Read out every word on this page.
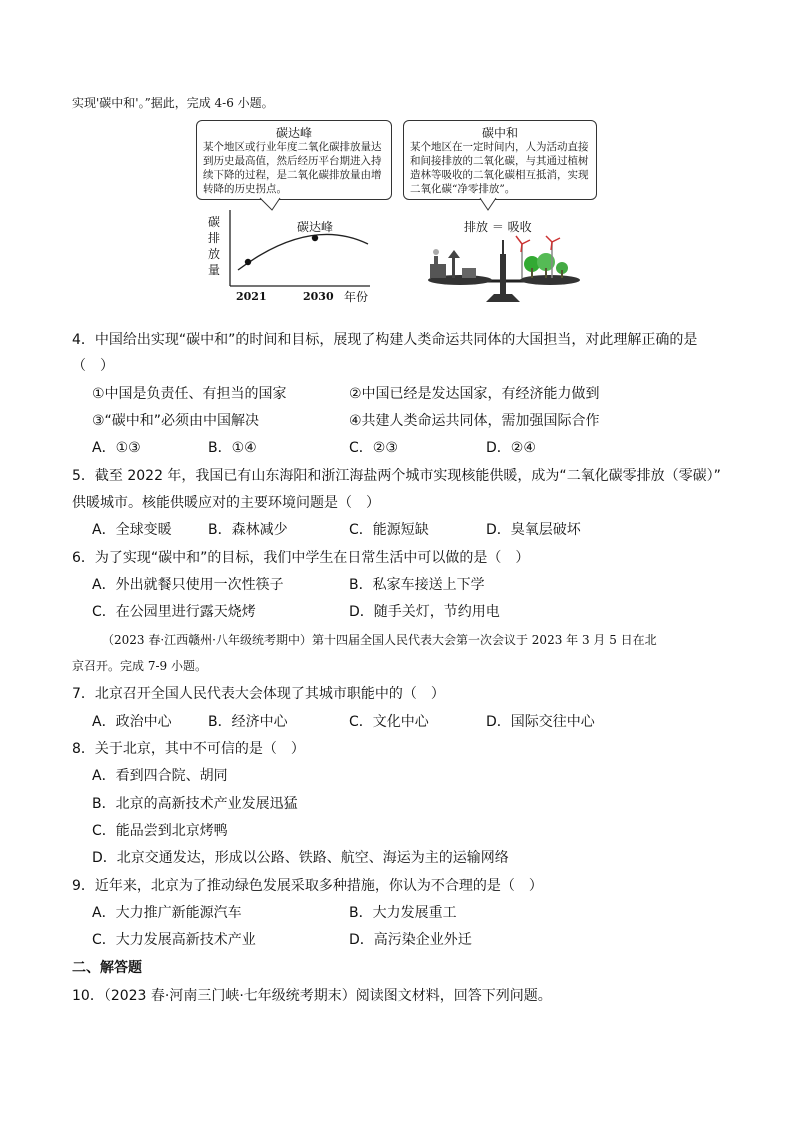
实现'碳中和'。”据此，完成 4-6 小题。
碳达峰
某个地区或行业年度二氧化碳排放量达到历史最高值，然后经历平台期进入持续下降的过程，是二氧化碳排放量由增转降的历史拐点。
碳中和
某个地区在一定时间内，人为活动直接和间接排放的二氧化碳，与其通过植树造林等吸收的二氧化碳相互抵消，实现二氧化碳“净零排放”。
碳
排
放
量
碳达峰
2021	2030 年份
排放 ＝ 吸收
4．中国给出实现“碳中和”的时间和目标，展现了构建人类命运共同体的大国担当，对此理解正确的是
（　）
①中国是负责任、有担当的国家	②中国已经是发达国家，有经济能力做到
③“碳中和”必须由中国解决	④共建人类命运共同体，需加强国际合作
A．①③	B．①④	C．②③	D．②④
5．截至 2022 年，我国已有山东海阳和浙江海盐两个城市实现核能供暖，成为“二氧化碳零排放（零碳）”
供暖城市。核能供暖应对的主要环境问题是（　）
A．全球变暖	B．森林减少	C．能源短缺	D．臭氧层破坏
6．为了实现“碳中和”的目标，我们中学生在日常生活中可以做的是（　）
A．外出就餐只使用一次性筷子	B．私家车接送上下学
C．在公园里进行露天烧烤	D．随手关灯，节约用电
（2023 春·江西赣州·八年级统考期中）第十四届全国人民代表大会第一次会议于 2023 年 3 月 5 日在北
京召开。完成 7-9 小题。
7．北京召开全国人民代表大会体现了其城市职能中的（　）
A．政治中心	B．经济中心	C．文化中心	D．国际交往中心
8．关于北京，其中不可信的是（　）
A．看到四合院、胡同
B．北京的高新技术产业发展迅猛
C．能品尝到北京烤鸭
D．北京交通发达，形成以公路、铁路、航空、海运为主的运输网络
9．近年来，北京为了推动绿色发展采取多种措施，你认为不合理的是（　）
A．大力推广新能源汽车	B．大力发展重工
C．大力发展高新技术产业	D．高污染企业外迁
二、解答题
10．（2023 春·河南三门峡·七年级统考期末）阅读图文材料，回答下列问题。
